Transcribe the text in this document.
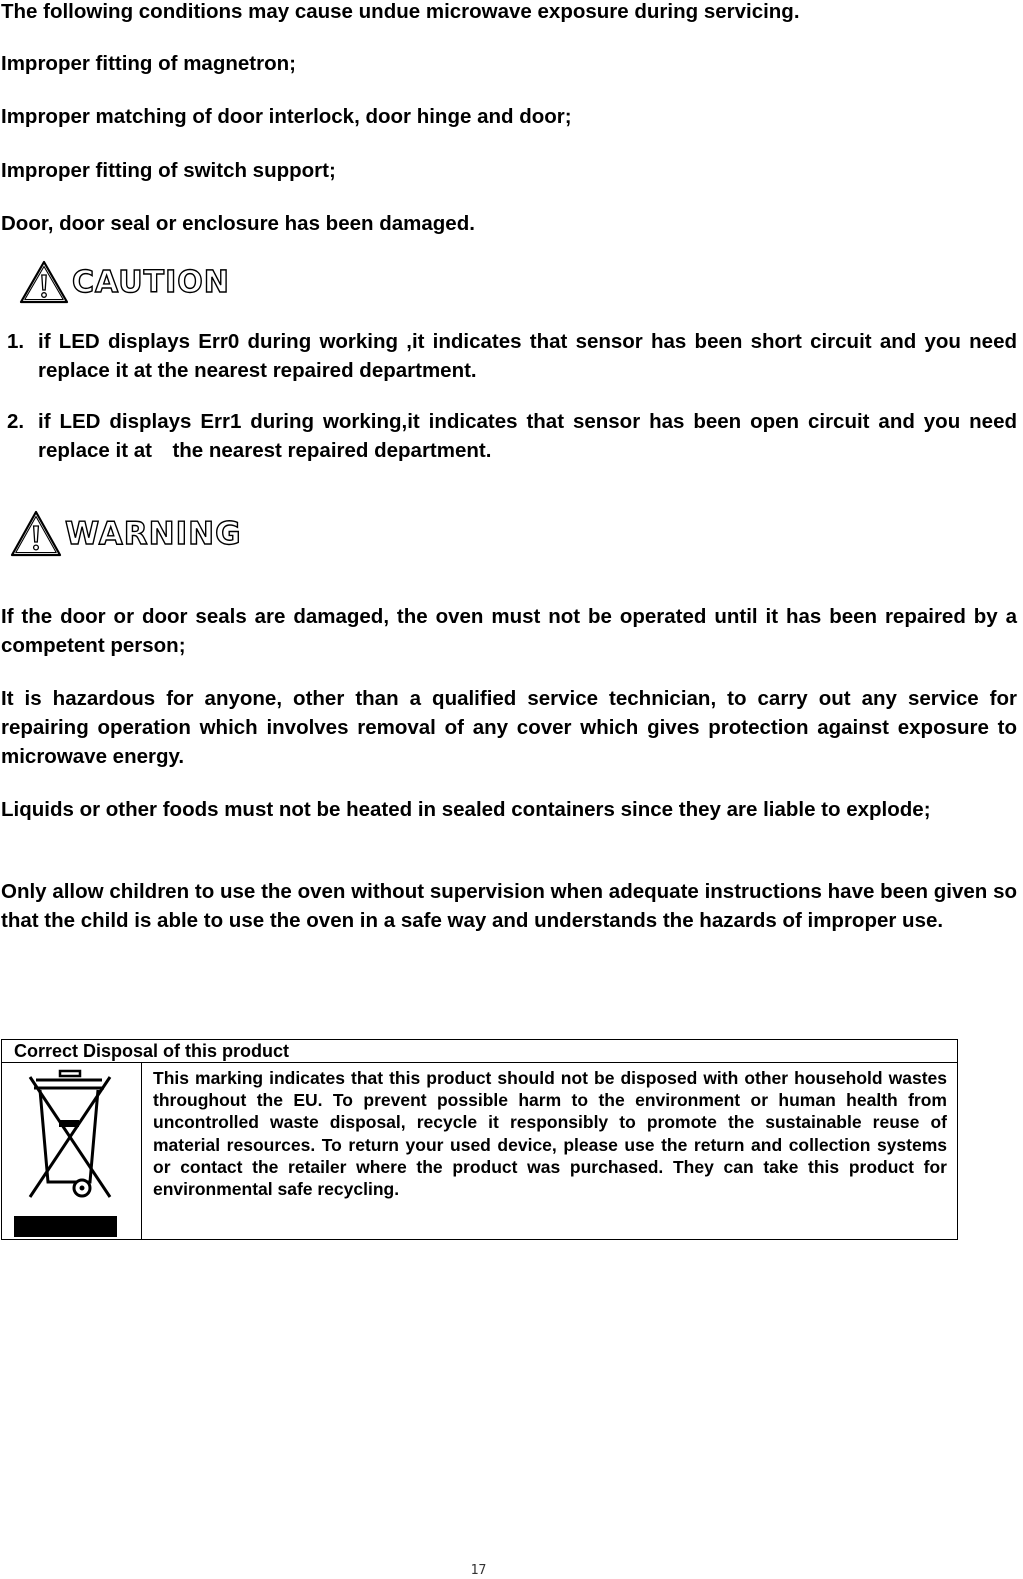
The following conditions may cause undue microwave exposure during servicing.

Improper fitting of magnetron;

Improper matching of door interlock, door hinge and door;

Improper fitting of switch support;

Door, door seal or enclosure has been damaged.

CAUTION
1. if LED displays Err0 during working ,it indicates that sensor has been short circuit and you need replace it at the nearest repaired department.
2. if LED displays Err1 during working,it indicates that sensor has been open circuit and you need replace it at　the nearest repaired department.
WARNING

If the door or door seals are damaged, the oven must not be operated until it has been repaired by a competent person;

It is hazardous for anyone, other than a qualified service technician, to carry out any service for repairing operation which involves removal of any cover which gives protection against exposure to microwave energy.

Liquids or other foods must not be heated in sealed containers since they are liable to explode;

Only allow children to use the oven without supervision when adequate instructions have been given so that the child is able to use the oven in a safe way and understands the hazards of improper use.

Correct Disposal of this product

	This marking indicates that this product should not be disposed with other household wastes throughout the EU. To prevent possible harm to the environment or human health from uncontrolled waste disposal, recycle it responsibly to promote the sustainable reuse of material resources. To return your used device, please use the return and collection systems or contact the retailer where the product was purchased. They can take this product for environmental safe recycling.
17
